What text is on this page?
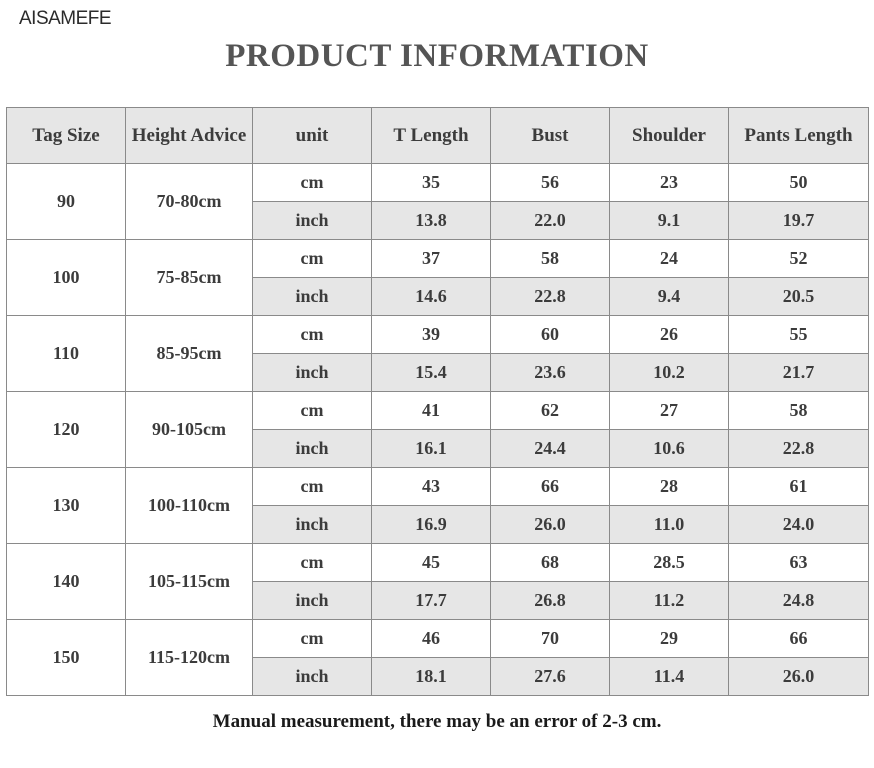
AISAMEFE
PRODUCT INFORMATION
Tag Size	Height Advice	unit	T Length	Bust	Shoulder	Pants Length
90	70-80cm	cm	35	56	23	50
		inch	13.8	22.0	9.1	19.7
100	75-85cm	cm	37	58	24	52
		inch	14.6	22.8	9.4	20.5
110	85-95cm	cm	39	60	26	55
		inch	15.4	23.6	10.2	21.7
120	90-105cm	cm	41	62	27	58
		inch	16.1	24.4	10.6	22.8
130	100-110cm	cm	43	66	28	61
		inch	16.9	26.0	11.0	24.0
140	105-115cm	cm	45	68	28.5	63
		inch	17.7	26.8	11.2	24.8
150	115-120cm	cm	46	70	29	66
		inch	18.1	27.6	11.4	26.0
Manual measurement, there may be an error of 2-3 cm.
